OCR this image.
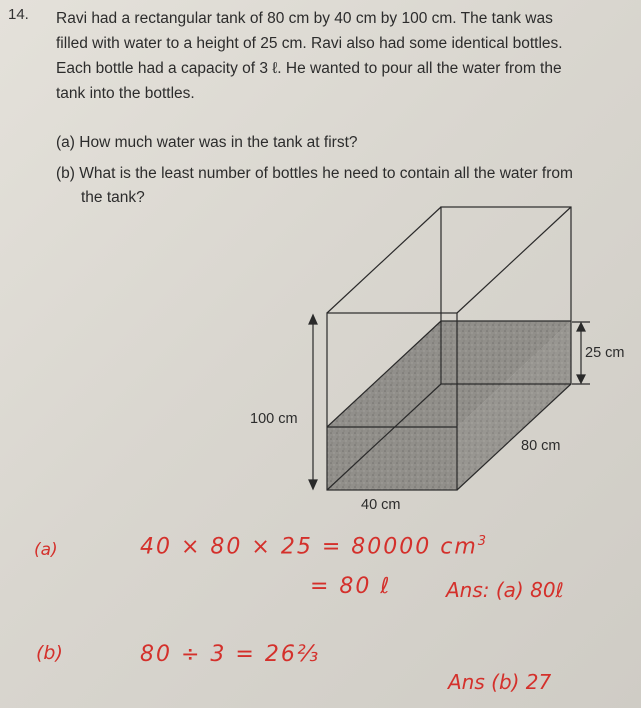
14. Ravi had a rectangular tank of 80 cm by 40 cm by 100 cm. The tank was
filled with water to a height of 25 cm. Ravi also had some identical bottles.
Each bottle had a capacity of 3 ℓ. He wanted to pour all the water from the
tank into the bottles.
(a) How much water was in the tank at first?
(b) What is the least number of bottles he need to contain all the water from
the tank?
100 cm
80 cm
40 cm
25 cm
(a)	40 × 80 × 25 = 80000 $cm^3$
= 80 ℓ	Ans: (a) 80ℓ
(b)	80 ÷ 3 = 26⅔
Ans (b) 27
